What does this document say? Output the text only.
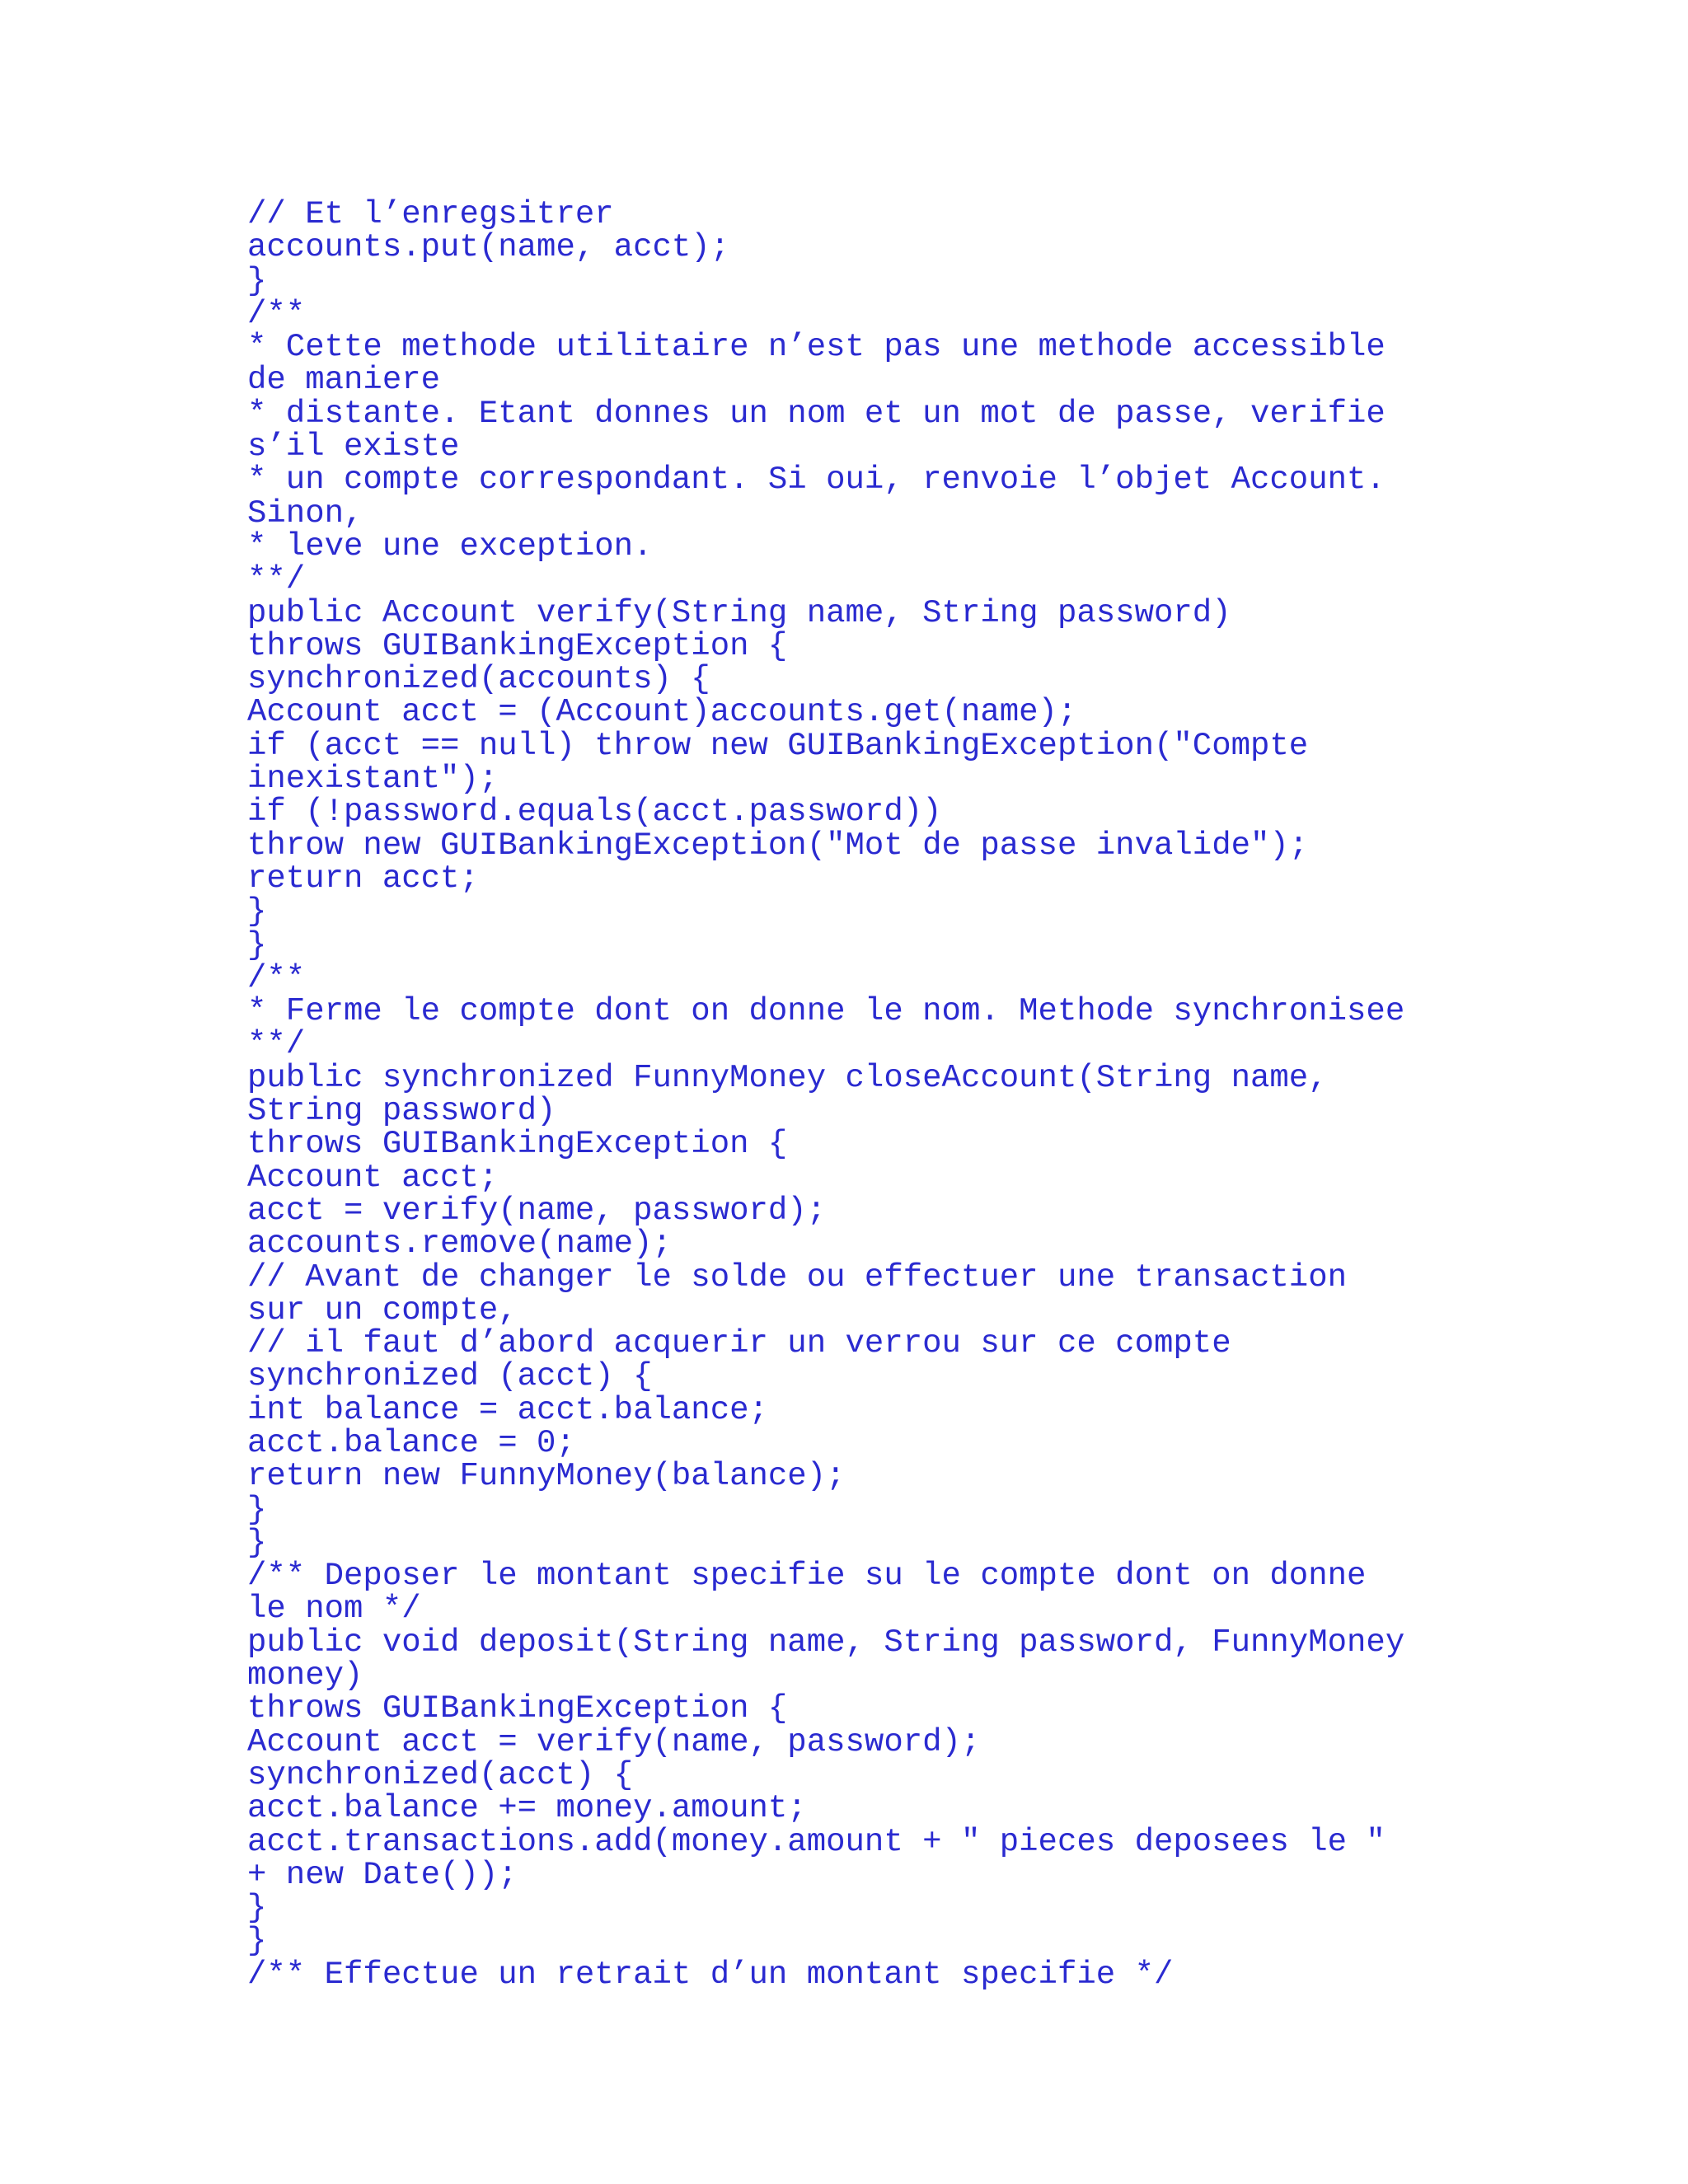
// Et l’enregsitrer
accounts.put(name, acct);
}
/**
* Cette methode utilitaire n’est pas une methode accessible
de maniere
* distante. Etant donnes un nom et un mot de passe, verifie
s’il existe
* un compte correspondant. Si oui, renvoie l’objet Account.
Sinon,
* leve une exception.
**/
public Account verify(String name, String password)
throws GUIBankingException {
synchronized(accounts) {
Account acct = (Account)accounts.get(name);
if (acct == null) throw new GUIBankingException("Compte
inexistant");
if (!password.equals(acct.password))
throw new GUIBankingException("Mot de passe invalide");
return acct;
}
}
/**
* Ferme le compte dont on donne le nom. Methode synchronisee
**/
public synchronized FunnyMoney closeAccount(String name,
String password)
throws GUIBankingException {
Account acct;
acct = verify(name, password);
accounts.remove(name);
// Avant de changer le solde ou effectuer une transaction
sur un compte,
// il faut d’abord acquerir un verrou sur ce compte
synchronized (acct) {
int balance = acct.balance;
acct.balance = 0;
return new FunnyMoney(balance);
}
}
/** Deposer le montant specifie su le compte dont on donne
le nom */
public void deposit(String name, String password, FunnyMoney
money)
throws GUIBankingException {
Account acct = verify(name, password);
synchronized(acct) {
acct.balance += money.amount;
acct.transactions.add(money.amount + " pieces deposees le "
+ new Date());
}
}
/** Effectue un retrait d’un montant specifie */
